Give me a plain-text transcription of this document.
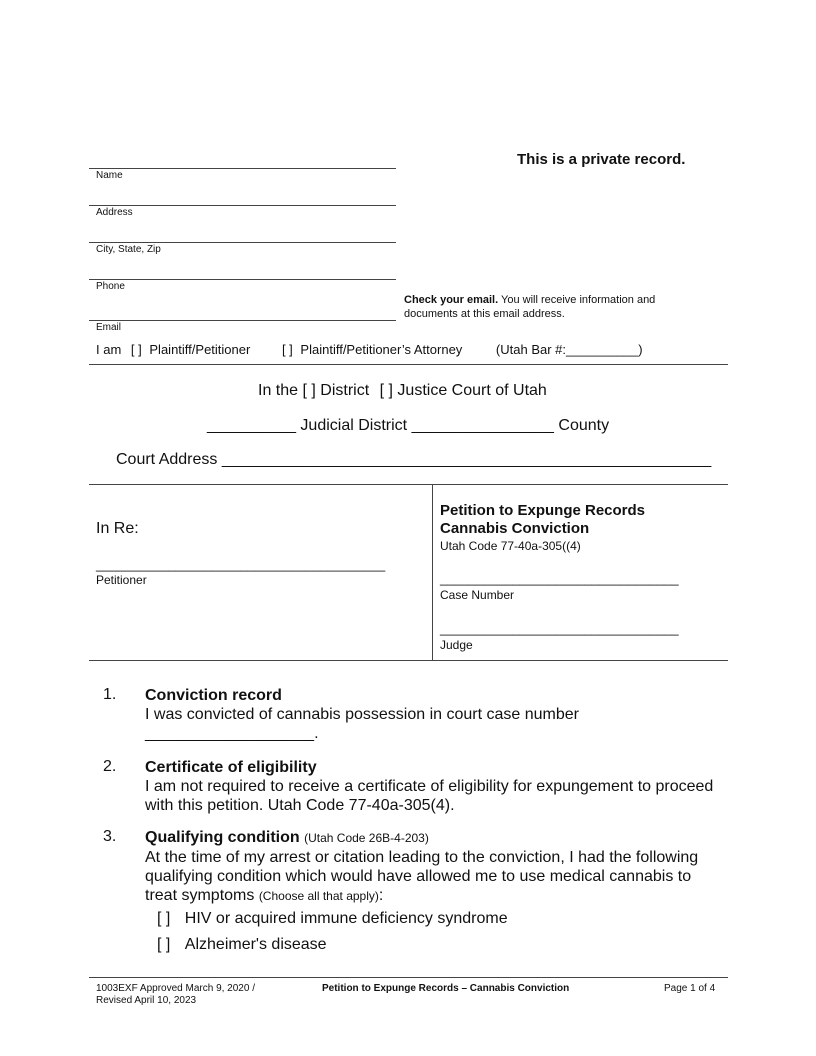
This is a private record.
Name
Address
City, State, Zip
Phone
Check your email. You will receive information and
documents at this email address.
Email
I am [ ] Plaintiff/Petitioner [ ] Plaintiff/Petitioner’s Attorney	(Utah Bar #:__________)
In the [ ] District [ ] Justice Court of Utah
__________ Judicial District ________________ County
Court Address _______________________________________________________
In Re:
________________________________________
Petitioner
Petition to Expunge Records
Cannabis Conviction
Utah Code 77-40a-305((4)
_________________________________
Case Number
_________________________________
Judge
1. Conviction record
I was convicted of cannabis possession in court case number
___________________.
2. Certificate of eligibility
I am not required to receive a certificate of eligibility for expungement to proceed
with this petition. Utah Code 77-40a-305(4).
3. Qualifying condition (Utah Code 26B-4-203)
At the time of my arrest or citation leading to the conviction, I had the following
qualifying condition which would have allowed me to use medical cannabis to
treat symptoms (Choose all that apply):
[ ] HIV or acquired immune deficiency syndrome
[ ] Alzheimer's disease
1003EXF Approved March 9, 2020 /
Revised April 10, 2023
Petition to Expunge Records – Cannabis Conviction	Page 1 of 4
